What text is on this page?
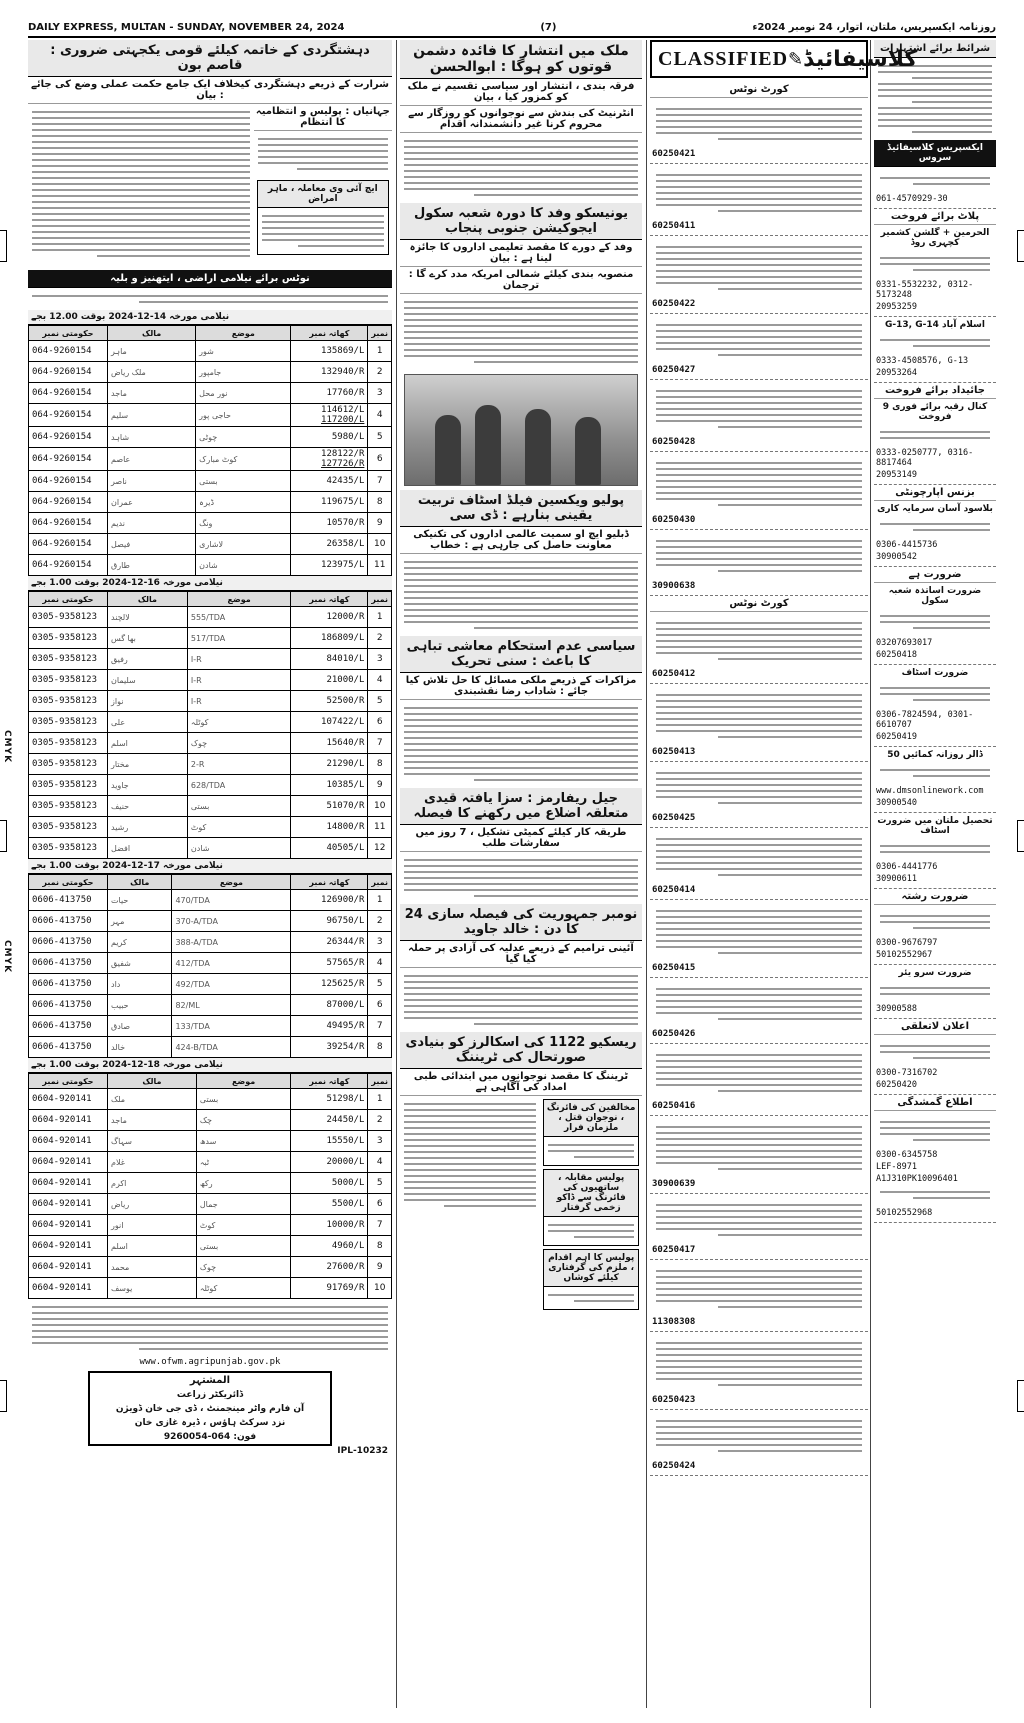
CMYK
CMYK
DAILY EXPRESS, MULTAN - SUNDAY, NOVEMBER 24, 2024	(7)	روزنامہ ایکسپریس، ملتان، اتوار، 24 نومبر 2024ء
شرائط برائے اشتہارات
ایکسپریس کلاسیفائیڈ سروس
061-4570929-30
پلاٹ برائے فروخت
الحرمین + گلشن کشمیر کچہری روڈ
0331-5532232, 0312-5173248
20953259
G-13, G-14 اسلام آباد
0333-4508576, G-13
20953264
جائیداد برائے فروخت
9 کنال رقبہ برائے فوری فروخت
0333-0250777, 0316-8817464
20953149
بزنس اپارچونٹی
بلاسود آسان سرمایہ کاری
0306-4415736
30900542
ضرورت ہے
ضرورت اساتذہ شعبہ سکول
03207693017
60250418
ضرورت اسٹاف
0306-7824594, 0301-6610707
60250419
50 ڈالر روزانہ کمائیں
www.dmsonlinework.com
30900540
تحصیل ملتان میں ضرورت اسٹاف
0306-4441776
30900611
ضرورت رشتہ
0300-9676797
50102552967
ضرورت سرو یئر
30900588
اعلان لاتعلقی
0300-7316702
60250420
اطلاع گمشدگی
0300-6345758
LEF-8971
A1J310PK10096401
50102552968
CLASSIFIED ✎ کلاسیفائیڈ
کورٹ نوٹس
60250421
60250411
60250422
60250427
60250428
60250430
30900638
کورٹ نوٹس
60250412
60250413
60250425
60250414
60250415
60250426
60250416
30900639
60250417
11308308
60250423
60250424
ملک میں انتشار کا فائدہ دشمن قوتوں کو ہوگا : ابوالحسن
فرقہ بندی ، انتشار اور سیاسی تقسیم نے ملک کو کمزور کیا ، بیان
انٹرنیٹ کی بندش سے نوجوانوں کو روزگار سے محروم کرنا غیر دانشمندانہ اقدام
یونیسکو وفد کا دورہ شعبہ سکول ایجوکیشن جنوبی پنجاب
وفد کے دورے کا مقصد تعلیمی اداروں کا جائزہ لینا ہے : بیان
منصوبہ بندی کیلئے شمالی امریکہ مدد کرے گا : ترجمان
پولیو ویکسین فیلڈ اسٹاف تربیت یقینی بنارہے : ڈی سی
ڈبلیو ایچ او سمیت عالمی اداروں کی تکنیکی معاونت حاصل کی جارہی ہے : خطاب
سیاسی عدم استحکام معاشی تباہی کا باعث : سنی تحریک
مزاکرات کے ذریعے ملکی مسائل کا حل تلاش کیا جائے : شاداب رضا نقشبندی
جیل ریفارمز : سزا یافتہ قیدی متعلقہ اضلاع میں رکھنے کا فیصلہ
طریقہ کار کیلئے کمیٹی تشکیل ، 7 روز میں سفارشات طلب
24 نومبر جمہوریت کی فیصلہ سازی کا دن : خالد جاوید
آئینی ترامیم کے ذریعے عدلیہ کی آزادی پر حملہ کیا گیا
ریسکیو 1122 کی اسکالرز کو بنیادی صورتحال کی ٹریننگ
ٹریننگ کا مقصد نوجوانوں میں ابتدائی طبی امداد کی آگاہی ہے
مخالفین کی فائرنگ ، نوجوان قتل ، ملزمان فرار
پولیس مقابلہ ، ساتھیوں کی فائرنگ سے ڈاکو زخمی گرفتار
پولیس کا اہم اقدام ، ملزم کی گرفتاری کیلئے کوشاں
دہشتگردی کے خاتمہ کیلئے قومی یکجہتی ضروری : قاصم بون
شرارت کے ذریعے دہشتگردی کیخلاف ایک جامع حکمت عملی وضع کی جائے : بیان
جہانیاں : پولیس و انتظامیہ کا انتظام
ایچ آئی وی معاملہ ، ماہر امراض
نوٹس برائے نیلامی اراضی ، ایتھنیز و بلیہ
نیلامی مورخہ 14-12-2024 بوقت 12.00 بجے
حکومتی نمبر	مالک	موضع	کھاتہ نمبر	نمبر
064-9260154	ماہر	شور	135869/L	1
064-9260154	ملک ریاض	جامپور	132940/R	2
064-9260154	ماجد	نور محل	17760/R	3
064-9260154	سلیم	حاجی پور	114612/L
117200/L	4
064-9260154	شاہد	چوٹی	5980/L	5
064-9260154	عاصم	کوٹ مبارک	128122/R
127726/R	6
064-9260154	ناصر	بستی	42435/L	7
064-9260154	عمران	ڈیرہ	119675/L	8
064-9260154	ندیم	ونگ	10570/R	9
064-9260154	فیصل	لاشاری	26358/L	10
064-9260154	طارق	شادن	123975/L	11
نیلامی مورخہ 16-12-2024 بوقت 1.00 بجے
حکومتی نمبر	مالک	موضع	کھاتہ نمبر	نمبر
0305-9358123	لالچند	555/TDA	12000/R	1
0305-9358123	بھا گس	517/TDA	186809/L	2
0305-9358123	رفیق	I-R	84010/L	3
0305-9358123	سلیمان	I-R	21000/L	4
0305-9358123	نواز	I-R	52500/R	5
0305-9358123	علی	کوٹلہ	107422/L	6
0305-9358123	اسلم	چوک	15640/R	7
0305-9358123	مختار	2-R	21290/L	8
0305-9358123	جاوید	628/TDA	10385/L	9
0305-9358123	حنیف	بستی	51070/R	10
0305-9358123	رشید	کوٹ	14800/R	11
0305-9358123	افضل	شادن	40505/L	12
نیلامی مورخہ 17-12-2024 بوقت 1.00 بجے
حکومتی نمبر	مالک	موضع	کھاتہ نمبر	نمبر
0606-413750	حیات	470/TDA	126900/R	1
0606-413750	مہر	370-A/TDA	96750/L	2
0606-413750	کریم	388-A/TDA	26344/R	3
0606-413750	شفیق	412/TDA	57565/R	4
0606-413750	داد	492/TDA	125625/R	5
0606-413750	حبیب	82/ML	87000/L	6
0606-413750	صادق	133/TDA	49495/R	7
0606-413750	خالد	424-B/TDA	39254/R	8
نیلامی مورخہ 18-12-2024 بوقت 1.00 بجے
حکومتی نمبر	مالک	موضع	کھاتہ نمبر	نمبر
0604-920141	ملک	بستی	51298/L	1
0604-920141	ماجد	چک	24450/L	2
0604-920141	سہاگ	سدھ	15550/L	3
0604-920141	غلام	ٹبہ	20000/L	4
0604-920141	اکرم	رکھ	5000/L	5
0604-920141	ریاض	جمال	5500/L	6
0604-920141	انور	کوٹ	10000/R	7
0604-920141	اسلم	بستی	4960/L	8
0604-920141	محمد	چوک	27600/R	9
0604-920141	یوسف	کوٹلہ	91769/R	10
www.ofwm.agripunjab.gov.pk
المشتہر
ڈائریکٹر زراعت
آن فارم واٹر مینجمنٹ ، ڈی جی خان ڈویژن
نزد سرکٹ ہاؤس ، ڈیرہ غازی خان
فون: 064-9260054
IPL-10232
